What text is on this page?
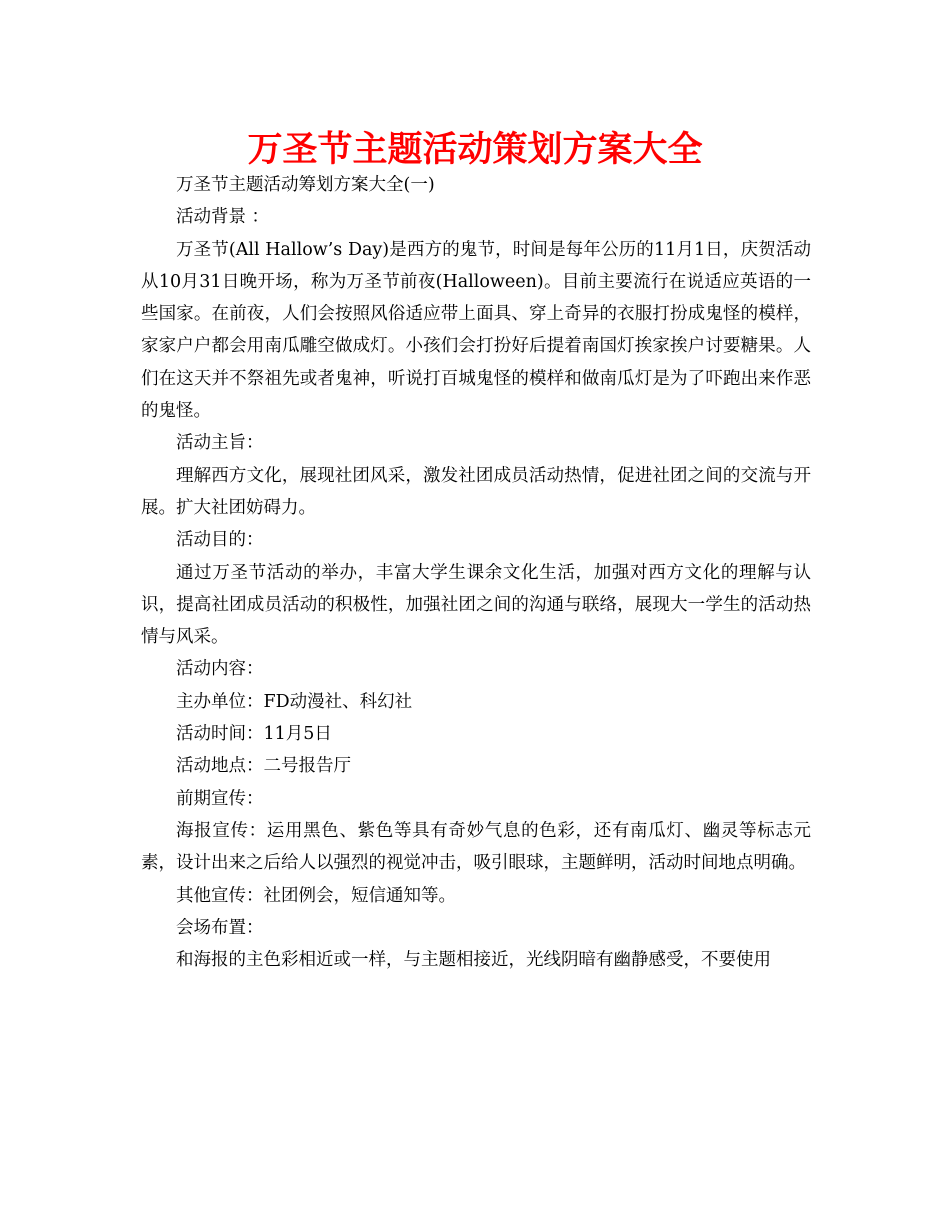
万圣节主题活动策划方案大全

万圣节主题活动筹划方案大全(一)

活动背景 ：

万圣节(All Hallow’s Day)是西方的鬼节，时间是每年公历的11月1日，庆贺活动从10月31日晚开场，称为万圣节前夜(Halloween)。目前主要流行在说适应英语的一些国家。在前夜，人们会按照风俗适应带上面具、穿上奇异的衣服打扮成鬼怪的模样，家家户户都会用南瓜雕空做成灯。小孩们会打扮好后提着南国灯挨家挨户讨要糖果。人们在这天并不祭祖先或者鬼神，听说打百城鬼怪的模样和做南瓜灯是为了吓跑出来作恶的鬼怪。

活动主旨：

理解西方文化，展现社团风采，激发社团成员活动热情，促进社团之间的交流与开展。扩大社团妨碍力。

活动目的：

通过万圣节活动的举办，丰富大学生课余文化生活，加强对西方文化的理解与认识，提高社团成员活动的积极性，加强社团之间的沟通与联络，展现大一学生的活动热情与风采。

活动内容：

主办单位：FD动漫社、科幻社

活动时间：11月5日

活动地点：二号报告厅

前期宣传：

海报宣传：运用黑色、紫色等具有奇妙气息的色彩，还有南瓜灯、幽灵等标志元素，设计出来之后给人以强烈的视觉冲击，吸引眼球，主题鲜明，活动时间地点明确。

其他宣传：社团例会，短信通知等。

会场布置：

和海报的主色彩相近或一样，与主题相接近，光线阴暗有幽静感受，不要使用
